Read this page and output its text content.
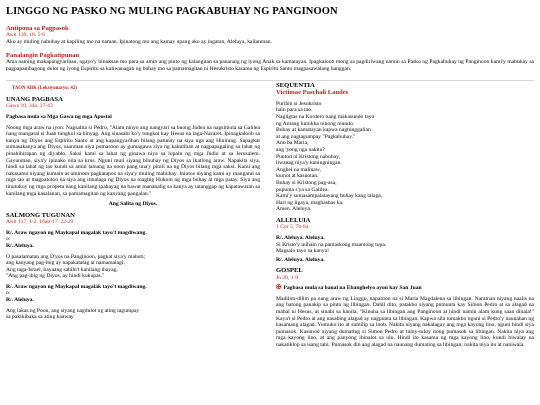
LINGGO NG PASKO NG MULING PAGKABUHAY NG PANGINOON
Antipona sa Pagpasok
Awit 139, 18. 5-6
Ako ay muling nabuhay at kapiling mo na naman. Ipinatong mo ang kamay upang ako ay ingatan, Aleluya, kailanman.
Panalangin Pagkatipunan
Ama naming makapangyarihan, ngayo'y binuksan mo para sa amin ang pinto ng kalangitan sa pananaig ng iyong Anak sa kamatayan. Ipagkaloob mong sa pagdiriwang namin sa Pasko ng Pagkabuhay ng Panginoon kami'y mabuhay sa pagpapanibagong dulot ng iyong Espiritu sa kaliwanagan ng buhay mo sa pamamagitan ni Hesukristo kasama ng Espiritu Santo magpasawalang hanggan.
TAON ABK (Leksiyonaryo: 42)
UNANG PAGBASA
Gawa 10, 34a. 37-43
Pagbasa mula sa Mga Gawa ng mga Apostol
Noong mga araw na iyon: Nagsalita si Pedro, "Alam ninyo ang nangyari sa buong Judea na nagsimula sa Galilea nang mangaral si Juan tungkol sa binyag. Ang sinasabi ko'y tungkol kay Hesus na taga-Nazaret. Ipinagkaloob sa kanya ng Diyos ang Espiritu Santo at ang kapangyarihan bilang patunay na siya nga ang Hinirang. Sapagkat sumasakanya ang Diyos, saanman siya pumaroon ay gumagawa siya ng kabutihan at nagpapagaling sa lahat ng pinahihirapan ng diyablo. Saksi kami sa lahat ng ginawa niya sa lupain ng mga Judio at sa Jerusalem. Gayunman, siya'y ipinako nila sa krus. Nguni muli siyang binuhay ng Diyos sa ikatlong araw. Napakita siya, hindi sa lahat ng tao kundi sa amin lamang na noon pang una'y pinili na ng Diyos bilang mga saksi. Kami ang nakasama niyang kumain at uminom pagkatapos na siya'y muling mabuhay. Iniutos niyang kami ay mangaral sa mga tao at magpatotoo na siya ang itinalaga ng Diyos na maging Hukom ng mga buhay at mga patay. Siya ang tinutukoy ng mga propeta nang kanilang ipahayag na bawat mananalig sa kanya ay tatanggap ng kapatawaran sa kanilang mga kasalanan, sa pamamagitan ng kanyang pangalan."
Ang Salita ng Diyos.
SALMONG TUGUNAN
Awit 117, 1-2. 16ab-17. 22-23
R/. Araw ngayon ng Maykapal magalak tayo't magdiwang.
o:
R/. Aleluya.
O pasalamatan ang D'yos na Panginoon, pagkat siya'y mabuti;
ang kanyang pag-ibig ay napakatatag at namamalagi.
Ang taga-Israel, bayaang sabihi't kanilang ihayag,
"Ang pag-ibig ng Diyos, ay hindi kukupas."
R/. Araw ngayon ng Maykapal magalak tayo't magdiwang.
o:
R/. Aleluya.
Ang lakas ng Poon, ang siyang nagdulot ng ating tagumpay
sa pakikibaka sa ating kaaway
SEQUENTIA
Victimae Paschali Laudes
Purihin si Jesukristo
hain para sa tao.
Nagligtas na Kordero nang makasundo tayo
ng Amang lumikha ninong mundo.
Buhay at kamatayan kapwa nagtunggalian
at ang nagtagumpay "Pagkabuhay."
Ano ba Maria,
ang 'yong nga nakita?
Puntod ni Kristong nabuhay,
liwanag niya'y kaningningan.
Anghel na malinaw,
kumot at kasuotan.
Buhay si Kristong pag-asa,
pupunta s'ya sa Galilea.
Kami'y sumasampalatayang buhay kang talaga,
Hari ng ligaya, maghasbas ka.
Amen. Aleluya.
ALLELUIA
1 Cor 5, 7b-8a
R/. Aleluya. Aleluya.
Si Kristo'y inihain na pamaskong maamong tupa.
Magsalo tayo sa kanya!
R/. Aleluya. Aleluya.
GOSPEL
Jn 20, 1-9
✠ Pagbasa mula sa banal na Ebanghelyo ayon kay San Juan
Madilim-dilim pa nang araw ng Linggo, naparoon na si Maria Magdalena sa libingan. Naratnan niyang naalis na ang batong panakip sa pinto ng libingan. Dahil dito, patakbo siyang pumunta kay Simon Pedro at sa alagad na mahal ni Hesus, at sinabi sa kanila, "Kinuha sa libingan ang Panginoon at hindi namin alam kung saan dinala!" Kaya't si Pedro at ang nasabing alagad ay nagpunta sa libingan. Kapwa sila tumakbo nguni si Pedro'y naunahan ng kasamang alagad. Yumuko ito at sumilip sa loob. Nakita niyang nakalagay ang mga kayong lino, nguni hindi siya pumasok. Kasunod niyang dumating si Simon Pedro at tuloy-tuloy itong pumasok sa libingan. Nakita niya ang mga kayong lino, at ang panyong ibinalot sa ulo. Hindi ito kasama ng mga kayong lino, kundi hiwalay na nakatiklop sa isang tabi. Pumasok din ang alagad na naunang dumating sa libingan; nakita niya ito at naniwala.
